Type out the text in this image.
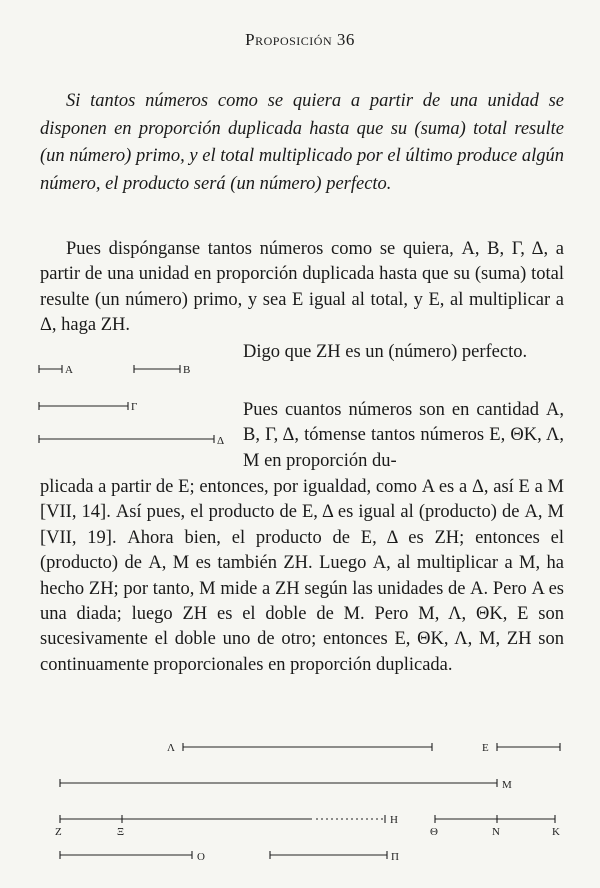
Proposición 36

Si tantos números como se quiera a partir de una unidad se disponen en proporción duplicada hasta que su (suma) total resulte (un número) primo, y el total multiplicado por el último produce algún número, el producto será (un número) perfecto.

Pues dispónganse tantos números como se quiera, Α, Β, Γ, Δ, a partir de una unidad en proporción duplicada hasta que su (suma) total resulte (un número) primo, y sea Ε igual al total, y Ε, al multiplicar a Δ, haga ΖΗ.

Α	Β
Γ
Δ

Digo que ΖΗ es un (número) perfecto.

Pues cuantos números son en cantidad Α, Β, Γ, Δ, tómense tantos números Ε, ΘΚ, Λ, Μ en proporción du-

plicada a partir de Ε; entonces, por igualdad, como Α es a Δ, así Ε a Μ [VII, 14]. Así pues, el producto de Ε, Δ es igual al (producto) de Α, Μ [VII, 19]. Ahora bien, el producto de Ε, Δ es ΖΗ; entonces el (producto) de Α, Μ es también ΖΗ. Luego Α, al multiplicar a Μ, ha hecho ΖΗ; por tanto, Μ mide a ΖΗ según las unidades de Α. Pero Α es una diada; luego ΖΗ es el doble de Μ. Pero Μ, Λ, ΘΚ, Ε son sucesivamente el doble uno de otro; entonces Ε, ΘΚ, Λ, Μ, ΖΗ son continuamente proporcionales en proporción duplicada.

Λ	Ε
Μ
Η
Ζ	Ξ	Θ	Ν	Κ
Ο	Π
